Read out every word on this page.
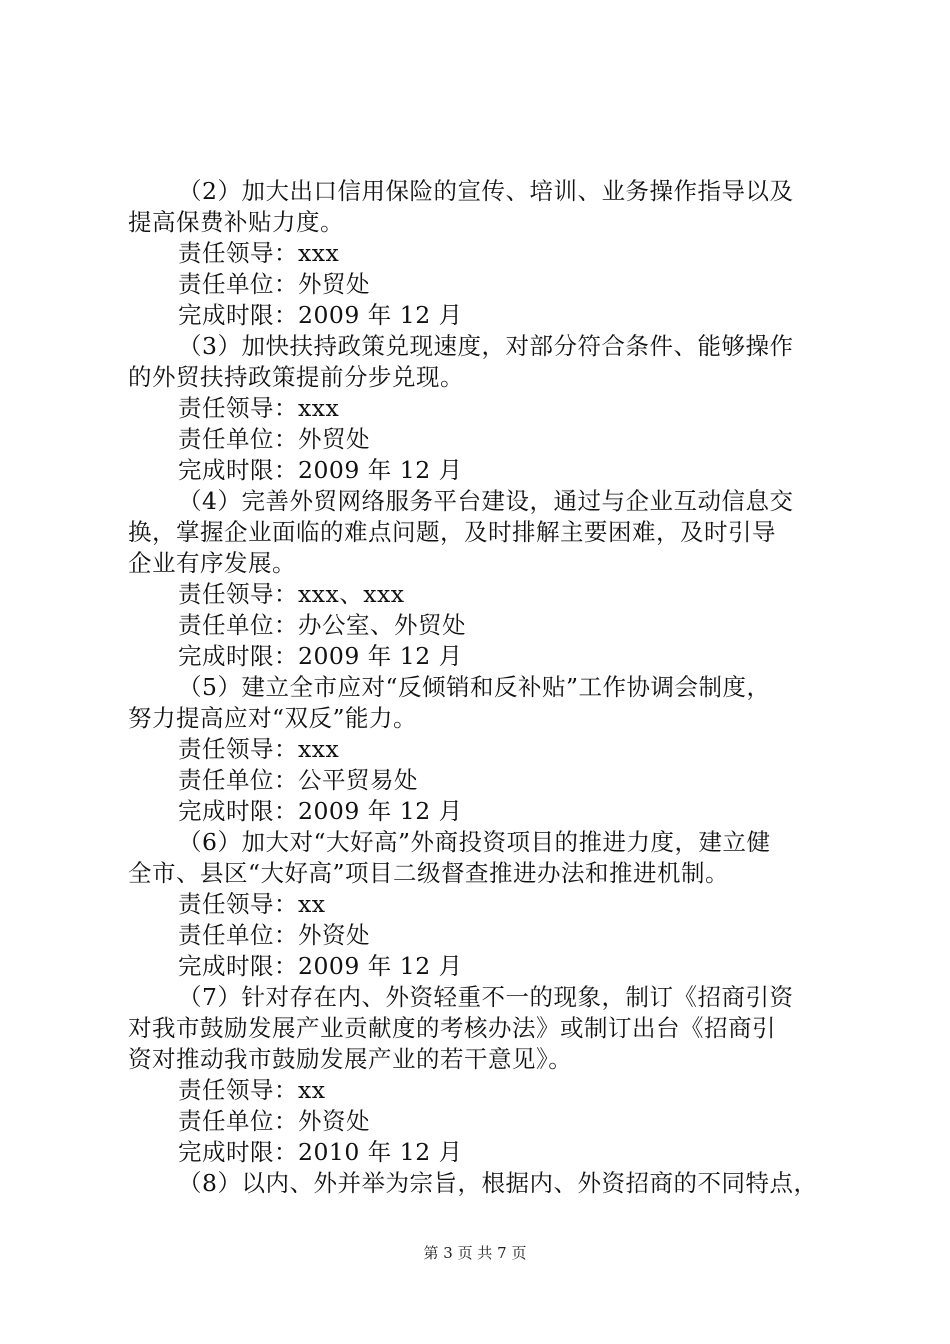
（2）加大出口信用保险的宣传、培训、业务操作指导以及
提高保费补贴力度。
责任领导：xxx
责任单位：外贸处
完成时限：2009 年 12 月
（3）加快扶持政策兑现速度，对部分符合条件、能够操作
的外贸扶持政策提前分步兑现。
责任领导：xxx
责任单位：外贸处
完成时限：2009 年 12 月
（4）完善外贸网络服务平台建设，通过与企业互动信息交
换，掌握企业面临的难点问题，及时排解主要困难，及时引导
企业有序发展。
责任领导：xxx、xxx
责任单位：办公室、外贸处
完成时限：2009 年 12 月
（5）建立全市应对“反倾销和反补贴”工作协调会制度，
努力提高应对“双反”能力。
责任领导：xxx
责任单位：公平贸易处
完成时限：2009 年 12 月
（6）加大对“大好高”外商投资项目的推进力度，建立健
全市、县区“大好高”项目二级督查推进办法和推进机制。
责任领导：xx
责任单位：外资处
完成时限：2009 年 12 月
（7）针对存在内、外资轻重不一的现象，制订《招商引资
对我市鼓励发展产业贡献度的考核办法》或制订出台《招商引
资对推动我市鼓励发展产业的若干意见》。
责任领导：xx
责任单位：外资处
完成时限：2010 年 12 月
（8）以内、外并举为宗旨，根据内、外资招商的不同特点，
第 3 页 共 7 页
